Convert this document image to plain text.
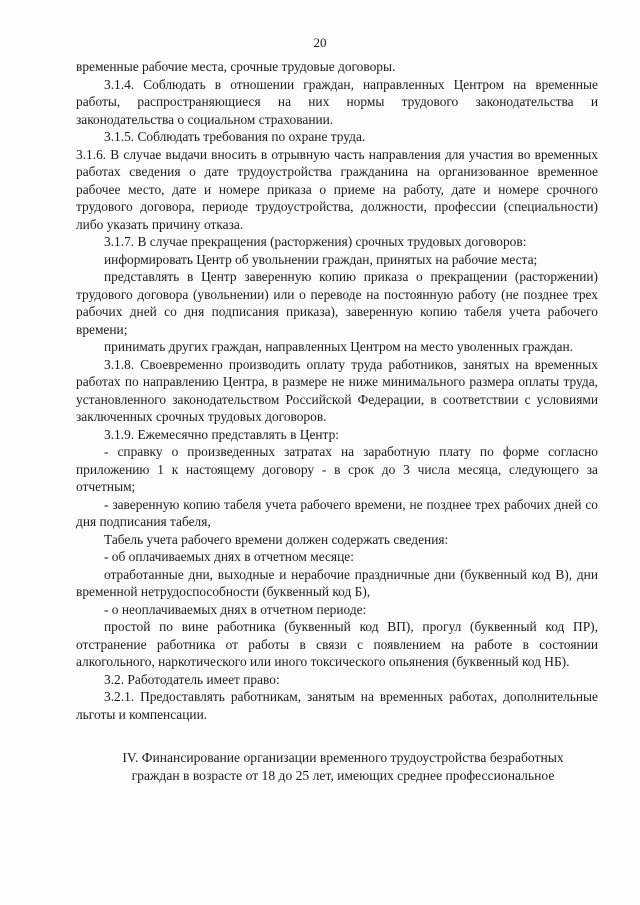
20

временные рабочие места, срочные трудовые договоры.

3.1.4. Соблюдать в отношении граждан, направленных Центром на временные работы, распространяющиеся на них нормы трудового законодательства и законодательства о социальном страховании.

3.1.5. Соблюдать требования по охране труда.

3.1.6. В случае выдачи вносить в отрывную часть направления для участия во временных работах сведения о дате трудоустройства гражданина на организованное временное рабочее место, дате и номере приказа о приеме на работу, дате и номере срочного трудового договора, периоде трудоустройства, должности, профессии (специальности) либо указать причину отказа.

3.1.7. В случае прекращения (расторжения) срочных трудовых договоров:

информировать Центр об увольнении граждан, принятых на рабочие места;

представлять в Центр заверенную копию приказа о прекращении (расторжении) трудового договора (увольнении) или о переводе на постоянную работу (не позднее трех рабочих дней со дня подписания приказа), заверенную копию табеля учета рабочего времени;

принимать других граждан, направленных Центром на место уволенных граждан.

3.1.8. Своевременно производить оплату труда работников, занятых на временных работах по направлению Центра, в размере не ниже минимального размера оплаты труда, установленного законодательством Российской Федерации, в соответствии с условиями заключенных срочных трудовых договоров.

3.1.9. Ежемесячно представлять в Центр:

- справку о произведенных затратах на заработную плату по форме согласно приложению 1 к настоящему договору - в срок до 3 числа месяца, следующего за отчетным;

- заверенную копию табеля учета рабочего времени, не позднее трех рабочих дней со дня подписания табеля,

Табель учета рабочего времени должен содержать сведения:

- об оплачиваемых днях в отчетном месяце:

отработанные дни, выходные и нерабочие праздничные дни (буквенный код В), дни временной нетрудоспособности (буквенный код Б),

- о неоплачиваемых днях в отчетном периоде:

простой по вине работника (буквенный код ВП), прогул (буквенный код ПР), отстранение работника от работы в связи с появлением на работе в состоянии алкогольного, наркотического или иного токсического опьянения (буквенный код НБ).

3.2. Работодатель имеет право:

3.2.1. Предоставлять работникам, занятым на временных работах, дополнительные льготы и компенсации.

IV. Финансирование организации временного трудоустройства безработных
граждан в возрасте от 18 до 25 лет, имеющих среднее профессиональное
